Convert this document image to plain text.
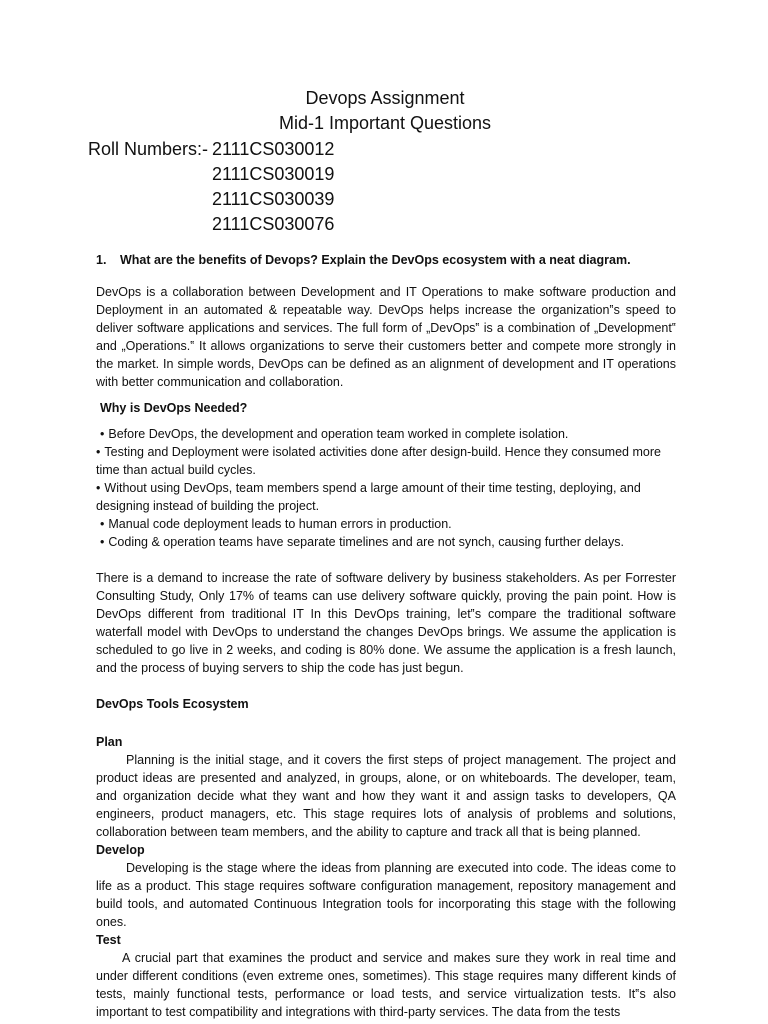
Devops Assignment
Mid-1 Important Questions
Roll Numbers:- 2111CS030012
2111CS030019
2111CS030039
2111CS030076
1.	What are the benefits of Devops? Explain the DevOps ecosystem with a neat diagram.

DevOps is a collaboration between Development and IT Operations to make software production and Deployment in an automated & repeatable way. DevOps helps increase the organization‟s speed to deliver software applications and services. The full form of „DevOps‟ is a combination of „Development‟ and „Operations.‟ It allows organizations to serve their customers better and compete more strongly in the market. In simple words, DevOps can be defined as an alignment of development and IT operations with better communication and collaboration.

Why is DevOps Needed?

• Before DevOps, the development and operation team worked in complete isolation.
• Testing and Deployment were isolated activities done after design-build. Hence they consumed more time than actual build cycles.
• Without using DevOps, team members spend a large amount of their time testing, deploying, and designing instead of building the project.
• Manual code deployment leads to human errors in production.
• Coding & operation teams have separate timelines and are not synch, causing further delays.

There is a demand to increase the rate of software delivery by business stakeholders. As per Forrester Consulting Study, Only 17% of teams can use delivery software quickly, proving the pain point. How is DevOps different from traditional IT In this DevOps training, let‟s compare the traditional software waterfall model with DevOps to understand the changes DevOps brings. We assume the application is scheduled to go live in 2 weeks, and coding is 80% done. We assume the application is a fresh launch, and the process of buying servers to ship the code has just begun.

DevOps Tools Ecosystem

Plan

Planning is the initial stage, and it covers the first steps of project management. The project and product ideas are presented and analyzed, in groups, alone, or on whiteboards. The developer, team, and organization decide what they want and how they want it and assign tasks to developers, QA engineers, product managers, etc. This stage requires lots of analysis of problems and solutions, collaboration between team members, and the ability to capture and track all that is being planned.

Develop

Developing is the stage where the ideas from planning are executed into code. The ideas come to life as a product. This stage requires software configuration management, repository management and build tools, and automated Continuous Integration tools for incorporating this stage with the following ones.

Test

A crucial part that examines the product and service and makes sure they work in real time and under different conditions (even extreme ones, sometimes). This stage requires many different kinds of tests, mainly functional tests, performance or load tests, and service virtualization tests. It‟s also important to test compatibility and integrations with third-party services. The data from the tests
